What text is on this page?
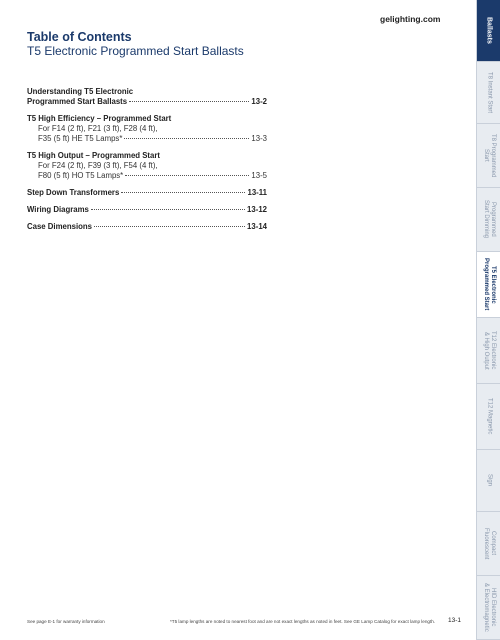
gelighting.com
Table of Contents
T5 Electronic Programmed Start Ballasts
Understanding T5 Electronic
Programmed Start Ballasts	13-2
T5 High Efficiency – Programmed Start
For F14 (2 ft), F21 (3 ft), F28 (4 ft),
F35 (5 ft) HE T5 Lamps*	13-3
T5 High Output – Programmed Start
For F24 (2 ft), F39 (3 ft), F54 (4 ft),
F80 (5 ft) HO T5 Lamps*	13-5
Step Down Transformers	13-11
Wiring Diagrams	13-12
Case Dimensions	13-14
See page E-1 for warranty information	*T5 lamp lengths are noted to nearest foot and are not exact lengths as noted in feet. See GE Lamp Catalog for exact lamp length.	13-1
Ballasts
T8 Instant Start
T8 Programmed
Start
Programmed
Start Dimming
T5 Electronic
Programmed Start
T12 Electronic
& High Output
T12 Magnetic
Sign
Compact
Fluorescent
HID Electronic
& Electromagnetic
